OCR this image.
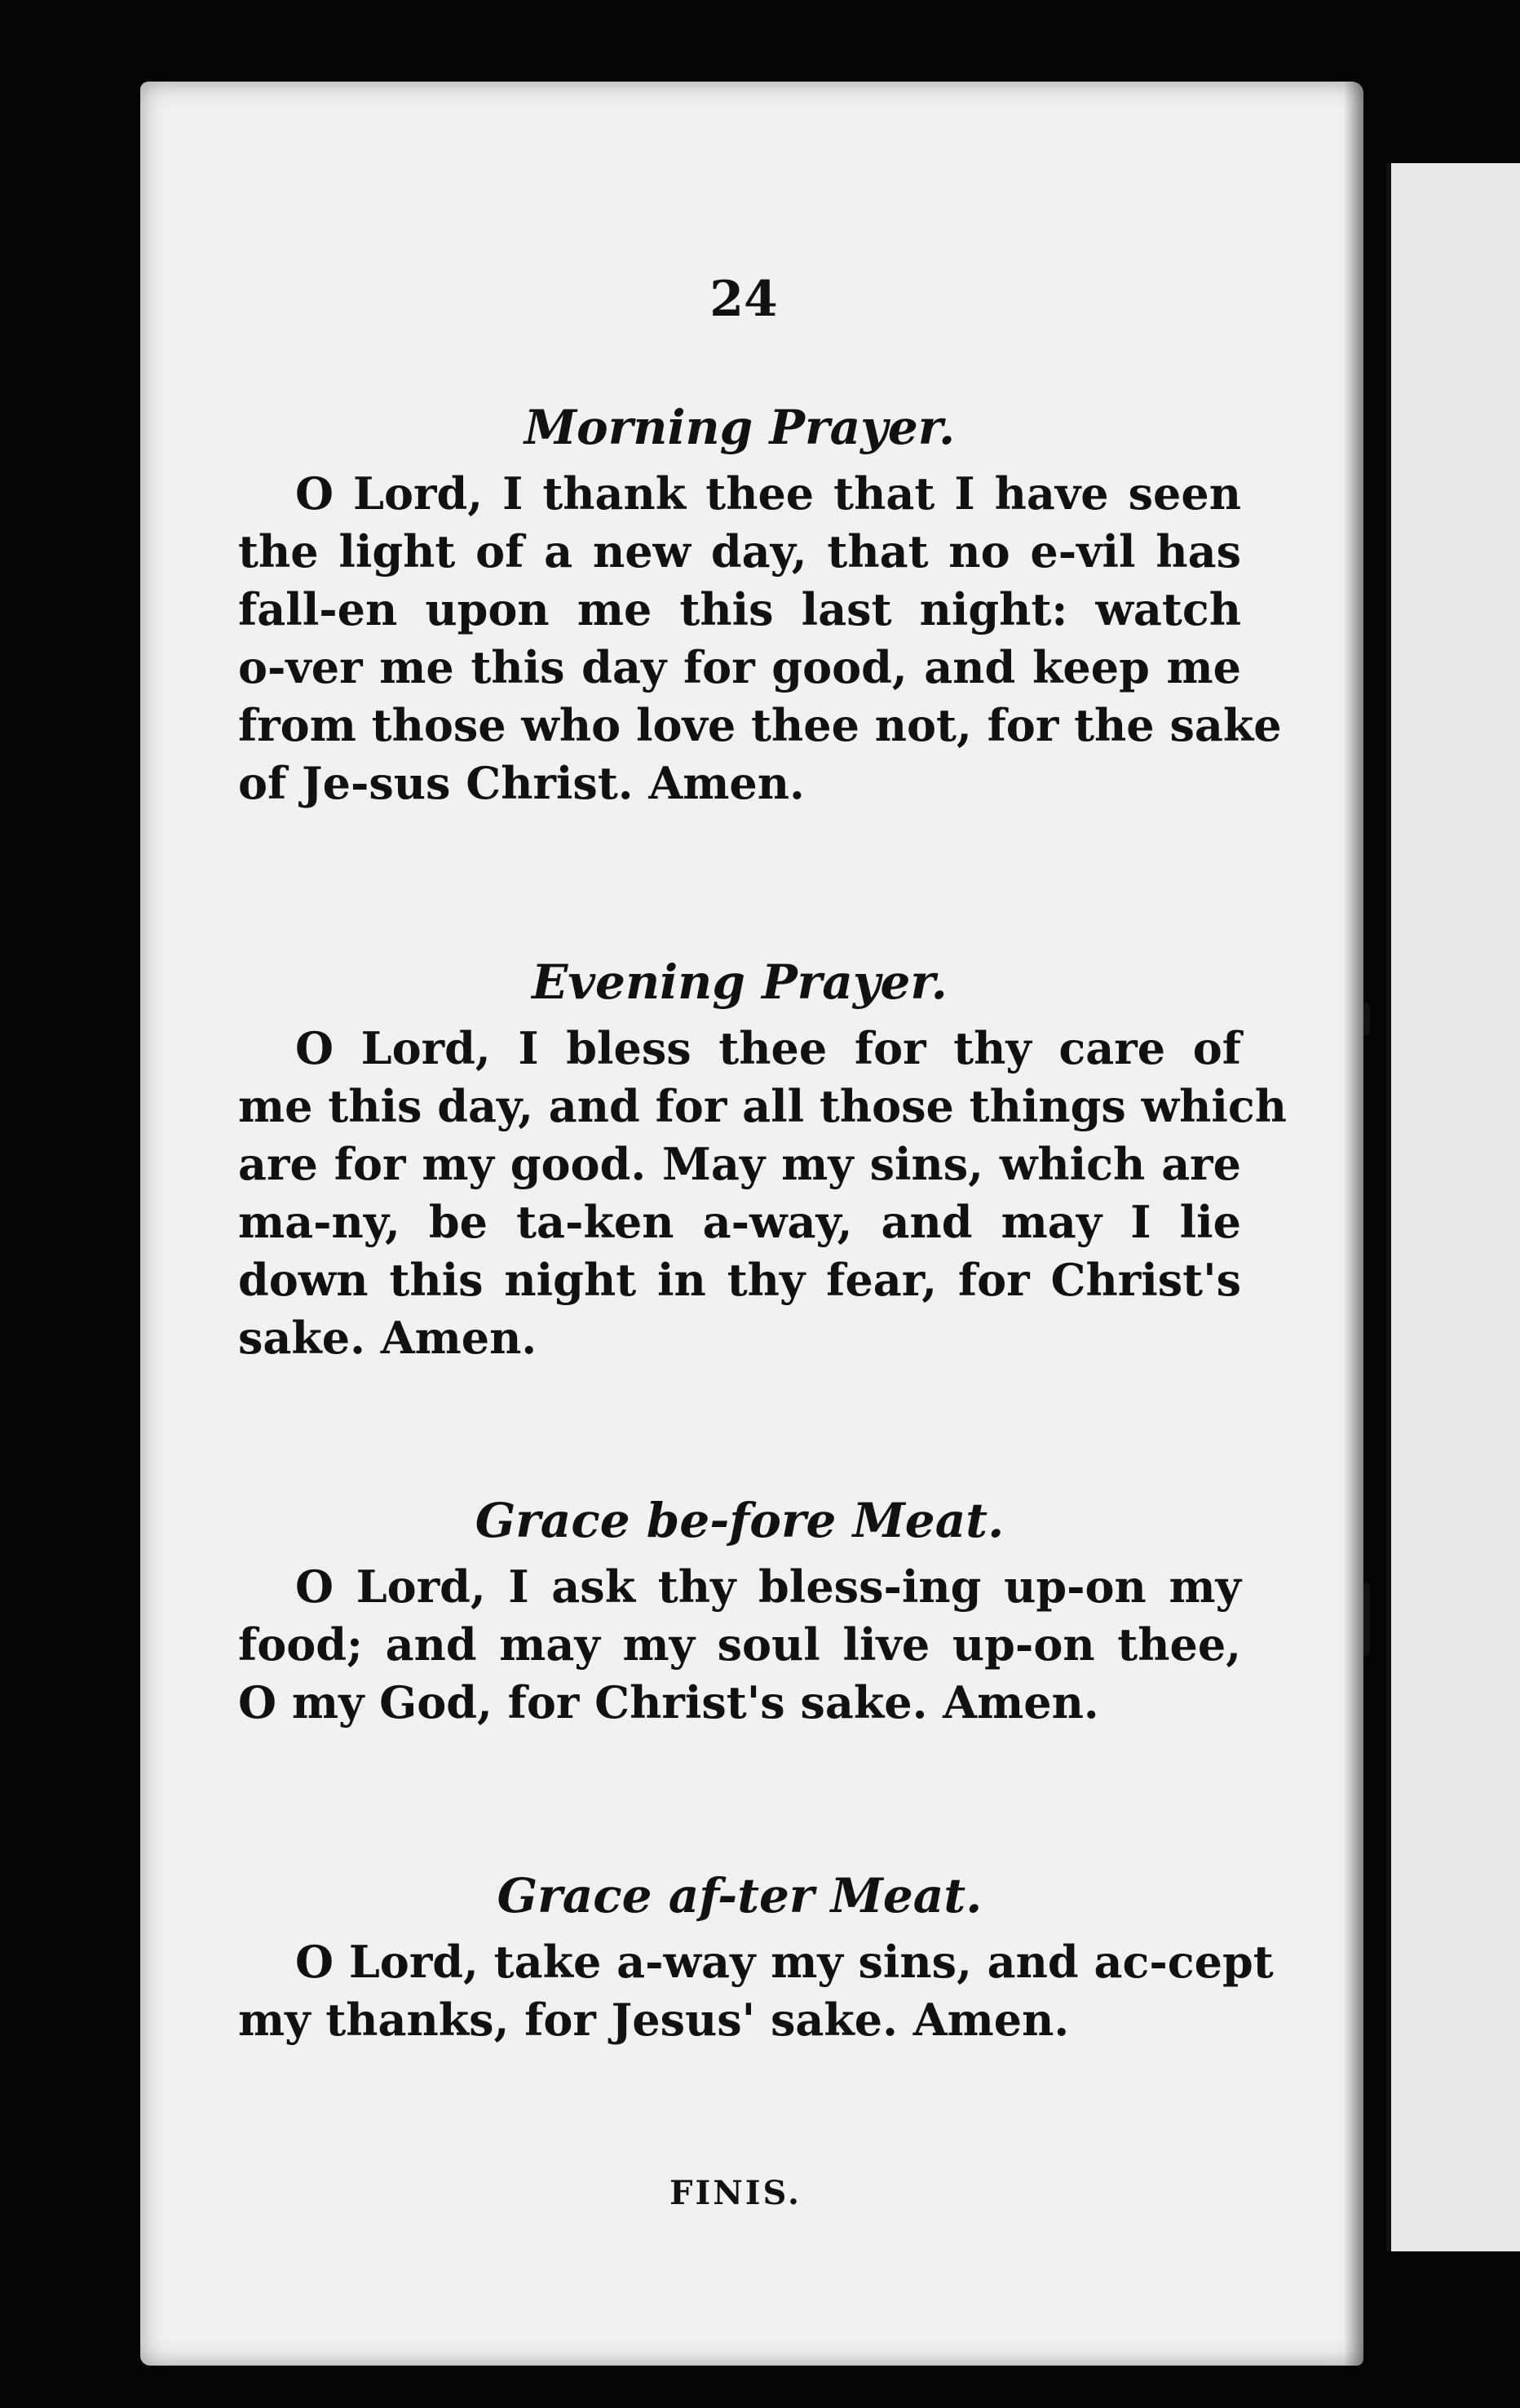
24
Morning Prayer.

O Lord, I thank thee that I have seen
the light of a new day, that no e-vil has
fall-en upon me this last night: watch
o-ver me this day for good, and keep me
from those who love thee not, for the sake
of Je-sus Christ. Amen.

Evening Prayer.

O Lord, I bless thee for thy care of
me this day, and for all those things which
are for my good. May my sins, which are
ma-ny, be ta-ken a-way, and may I lie
down this night in thy fear, for Christ's
sake. Amen.

Grace be-fore Meat.

O Lord, I ask thy bless-ing up-on my
food; and may my soul live up-on thee,
O my God, for Christ's sake. Amen.

Grace af-ter Meat.

O Lord, take a-way my sins, and ac-cept
my thanks, for Jesus' sake. Amen.

FINIS.
